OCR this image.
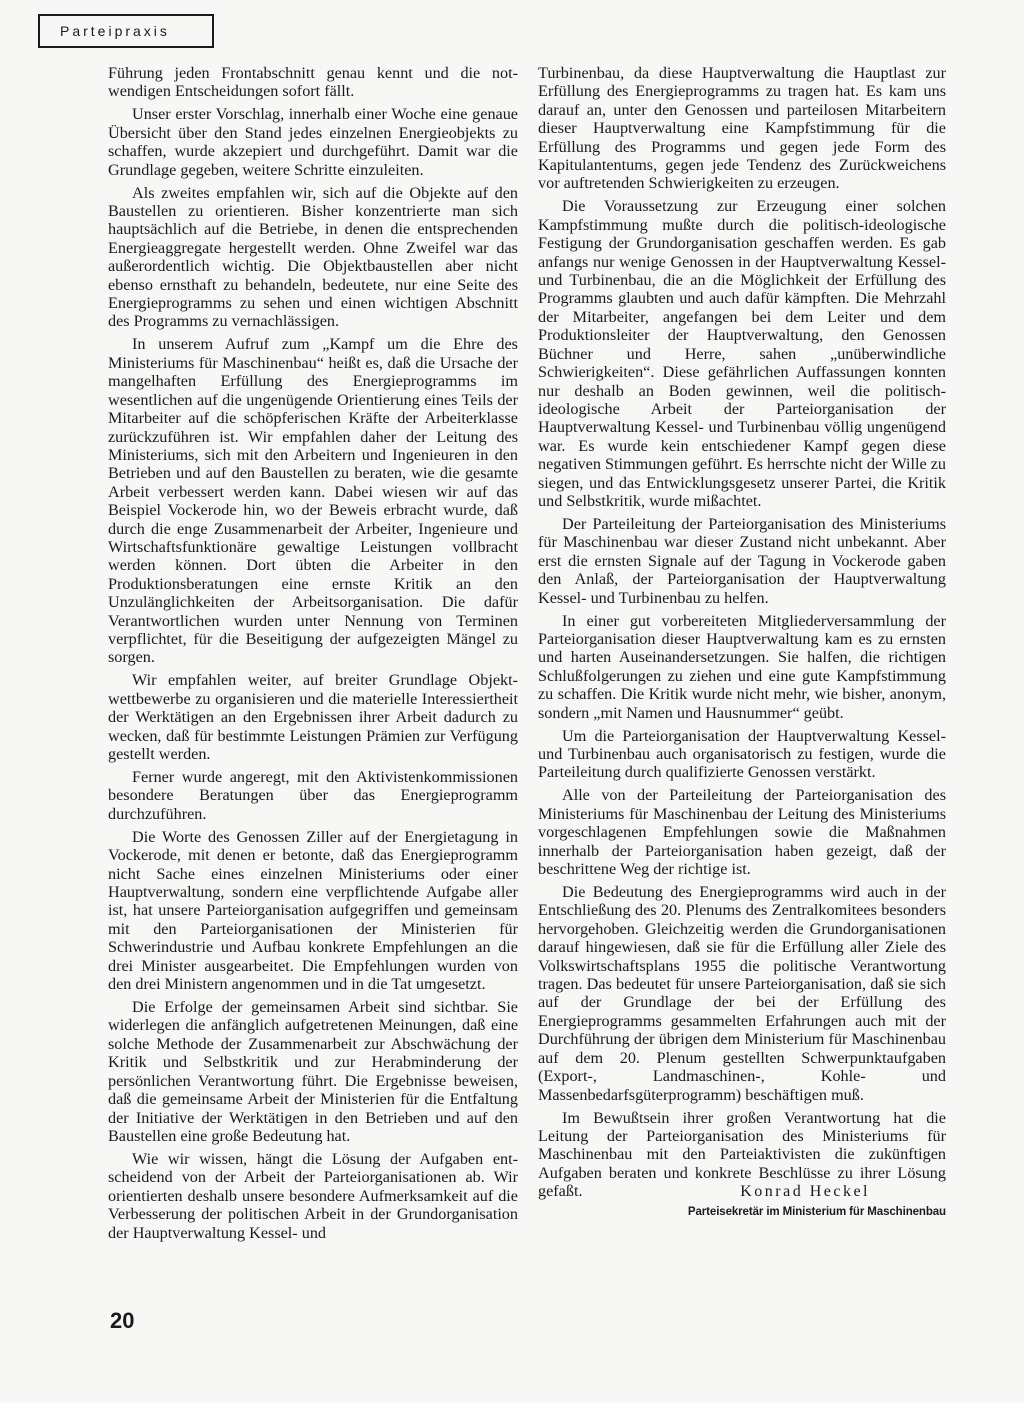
Parteipraxis

Führung jeden Frontabschnitt genau kennt und die notwendigen Entscheidungen sofort fällt.

Unser erster Vorschlag, innerhalb einer Woche eine genaue Übersicht über den Stand jedes einzelnen Energieobjekts zu schaffen, wurde akzepiert und durchgeführt. Damit war die Grundlage gegeben, weitere Schritte einzuleiten.

Als zweites empfahlen wir, sich auf die Objekte auf den Baustellen zu orientieren. Bisher konzentrierte man sich hauptsächlich auf die Betriebe, in denen die entsprechenden Energieaggregate hergestellt werden. Ohne Zweifel war das außerordentlich wichtig. Die Objektbaustellen aber nicht ebenso ernsthaft zu behandeln, bedeutete, nur eine Seite des Energieprogramms zu sehen und einen wichtigen Abschnitt des Programms zu vernachlässigen.

In unserem Aufruf zum „Kampf um die Ehre des Ministeriums für Maschinenbau“ heißt es, daß die Ursache der mangelhaften Erfüllung des Energieprogramms im wesentlichen auf die ungenügende Orientierung eines Teils der Mitarbeiter auf die schöpferischen Kräfte der Arbeiterklasse zurückzuführen ist. Wir empfahlen daher der Leitung des Ministeriums, sich mit den Arbeitern und Ingenieuren in den Betrieben und auf den Baustellen zu beraten, wie die gesamte Arbeit verbessert werden kann. Dabei wiesen wir auf das Beispiel Vockerode hin, wo der Beweis erbracht wurde, daß durch die enge Zusammenarbeit der Arbeiter, Ingenieure und Wirtschaftsfunktionäre gewaltige Leistungen vollbracht werden können. Dort übten die Arbeiter in den Produktionsberatungen eine ernste Kritik an den Unzulänglichkeiten der Arbeitsorganisation. Die dafür Verantwortlichen wurden unter Nennung von Terminen verpflichtet, für die Beseitigung der aufgezeigten Mängel zu sorgen.

Wir empfahlen weiter, auf breiter Grundlage Objektwettbewerbe zu organisieren und die materielle Interessiertheit der Werktätigen an den Ergebnissen ihrer Arbeit dadurch zu wecken, daß für bestimmte Leistungen Prämien zur Verfügung gestellt werden.

Ferner wurde angeregt, mit den Aktivistenkommissionen besondere Beratungen über das Energieprogramm durchzuführen.

Die Worte des Genossen Ziller auf der Energietagung in Vockerode, mit denen er betonte, daß das Energieprogramm nicht Sache eines einzelnen Ministeriums oder einer Hauptverwaltung, sondern eine verpflichtende Aufgabe aller ist, hat unsere Parteiorganisation aufgegriffen und gemeinsam mit den Parteiorganisationen der Ministerien für Schwerindustrie und Aufbau konkrete Empfehlungen an die drei Minister ausgearbeitet. Die Empfehlungen wurden von den drei Ministern angenommen und in die Tat umgesetzt.

Die Erfolge der gemeinsamen Arbeit sind sichtbar. Sie widerlegen die anfänglich aufgetretenen Meinungen, daß eine solche Methode der Zusammenarbeit zur Abschwächung der Kritik und Selbstkritik und zur Herabminderung der persönlichen Verantwortung führt. Die Ergebnisse beweisen, daß die gemeinsame Arbeit der Ministerien für die Entfaltung der Initiative der Werktätigen in den Betrieben und auf den Baustellen eine große Bedeutung hat.

Wie wir wissen, hängt die Lösung der Aufgaben entscheidend von der Arbeit der Parteiorganisationen ab. Wir orientierten deshalb unsere besondere Aufmerksamkeit auf die Verbesserung der politischen Arbeit in der Grundorganisation der Hauptverwaltung Kessel- und

Turbinenbau, da diese Hauptverwaltung die Hauptlast zur Erfüllung des Energieprogramms zu tragen hat. Es kam uns darauf an, unter den Genossen und parteilosen Mitarbeitern dieser Hauptverwaltung eine Kampfstimmung für die Erfüllung des Programms und gegen jede Form des Kapitulantentums, gegen jede Tendenz des Zurückweichens vor auftretenden Schwierigkeiten zu erzeugen.

Die Voraussetzung zur Erzeugung einer solchen Kampfstimmung mußte durch die politisch-ideologische Festigung der Grundorganisation geschaffen werden. Es gab anfangs nur wenige Genossen in der Hauptverwaltung Kessel- und Turbinenbau, die an die Möglichkeit der Erfüllung des Programms glaubten und auch dafür kämpften. Die Mehrzahl der Mitarbeiter, angefangen bei dem Leiter und dem Produktionsleiter der Hauptverwaltung, den Genossen Büchner und Herre, sahen „unüberwindliche Schwierigkeiten“. Diese gefährlichen Auffassungen konnten nur deshalb an Boden gewinnen, weil die politisch-ideologische Arbeit der Parteiorganisation der Hauptverwaltung Kessel- und Turbinenbau völlig ungenügend war. Es wurde kein entschiedener Kampf gegen diese negativen Stimmungen geführt. Es herrschte nicht der Wille zu siegen, und das Entwicklungsgesetz unserer Partei, die Kritik und Selbstkritik, wurde mißachtet.

Der Parteileitung der Parteiorganisation des Ministeriums für Maschinenbau war dieser Zustand nicht unbekannt. Aber erst die ernsten Signale auf der Tagung in Vockerode gaben den Anlaß, der Parteiorganisation der Hauptverwaltung Kessel- und Turbinenbau zu helfen.

In einer gut vorbereiteten Mitgliederversammlung der Parteiorganisation dieser Hauptverwaltung kam es zu ernsten und harten Auseinandersetzungen. Sie halfen, die richtigen Schlußfolgerungen zu ziehen und eine gute Kampfstimmung zu schaffen. Die Kritik wurde nicht mehr, wie bisher, anonym, sondern „mit Namen und Hausnummer“ geübt.

Um die Parteiorganisation der Hauptverwaltung Kessel- und Turbinenbau auch organisatorisch zu festigen, wurde die Parteileitung durch qualifizierte Genossen verstärkt.

Alle von der Parteileitung der Parteiorganisation des Ministeriums für Maschinenbau der Leitung des Ministeriums vorgeschlagenen Empfehlungen sowie die Maßnahmen innerhalb der Parteiorganisation haben gezeigt, daß der beschrittene Weg der richtige ist.

Die Bedeutung des Energieprogramms wird auch in der Entschließung des 20. Plenums des Zentralkomitees besonders hervorgehoben. Gleichzeitig werden die Grundorganisationen darauf hingewiesen, daß sie für die Erfüllung aller Ziele des Volkswirtschaftsplans 1955 die politische Verantwortung tragen. Das bedeutet für unsere Parteiorganisation, daß sie sich auf der Grundlage der bei der Erfüllung des Energieprogramms gesammelten Erfahrungen auch mit der Durchführung der übrigen dem Ministerium für Maschinenbau auf dem 20. Plenum gestellten Schwerpunktaufgaben (Export-, Landmaschinen-, Kohle- und Massenbedarfsgüterprogramm) beschäftigen muß.

Im Bewußtsein ihrer großen Verantwortung hat die Leitung der Parteiorganisation des Ministeriums für Maschinenbau mit den Parteiaktivisten die zukünftigen Aufgaben beraten und konkrete Beschlüsse zu ihrer Lösung gefaßt.	Konrad Heckel
Parteisekretär im Ministerium für Maschinenbau
20
